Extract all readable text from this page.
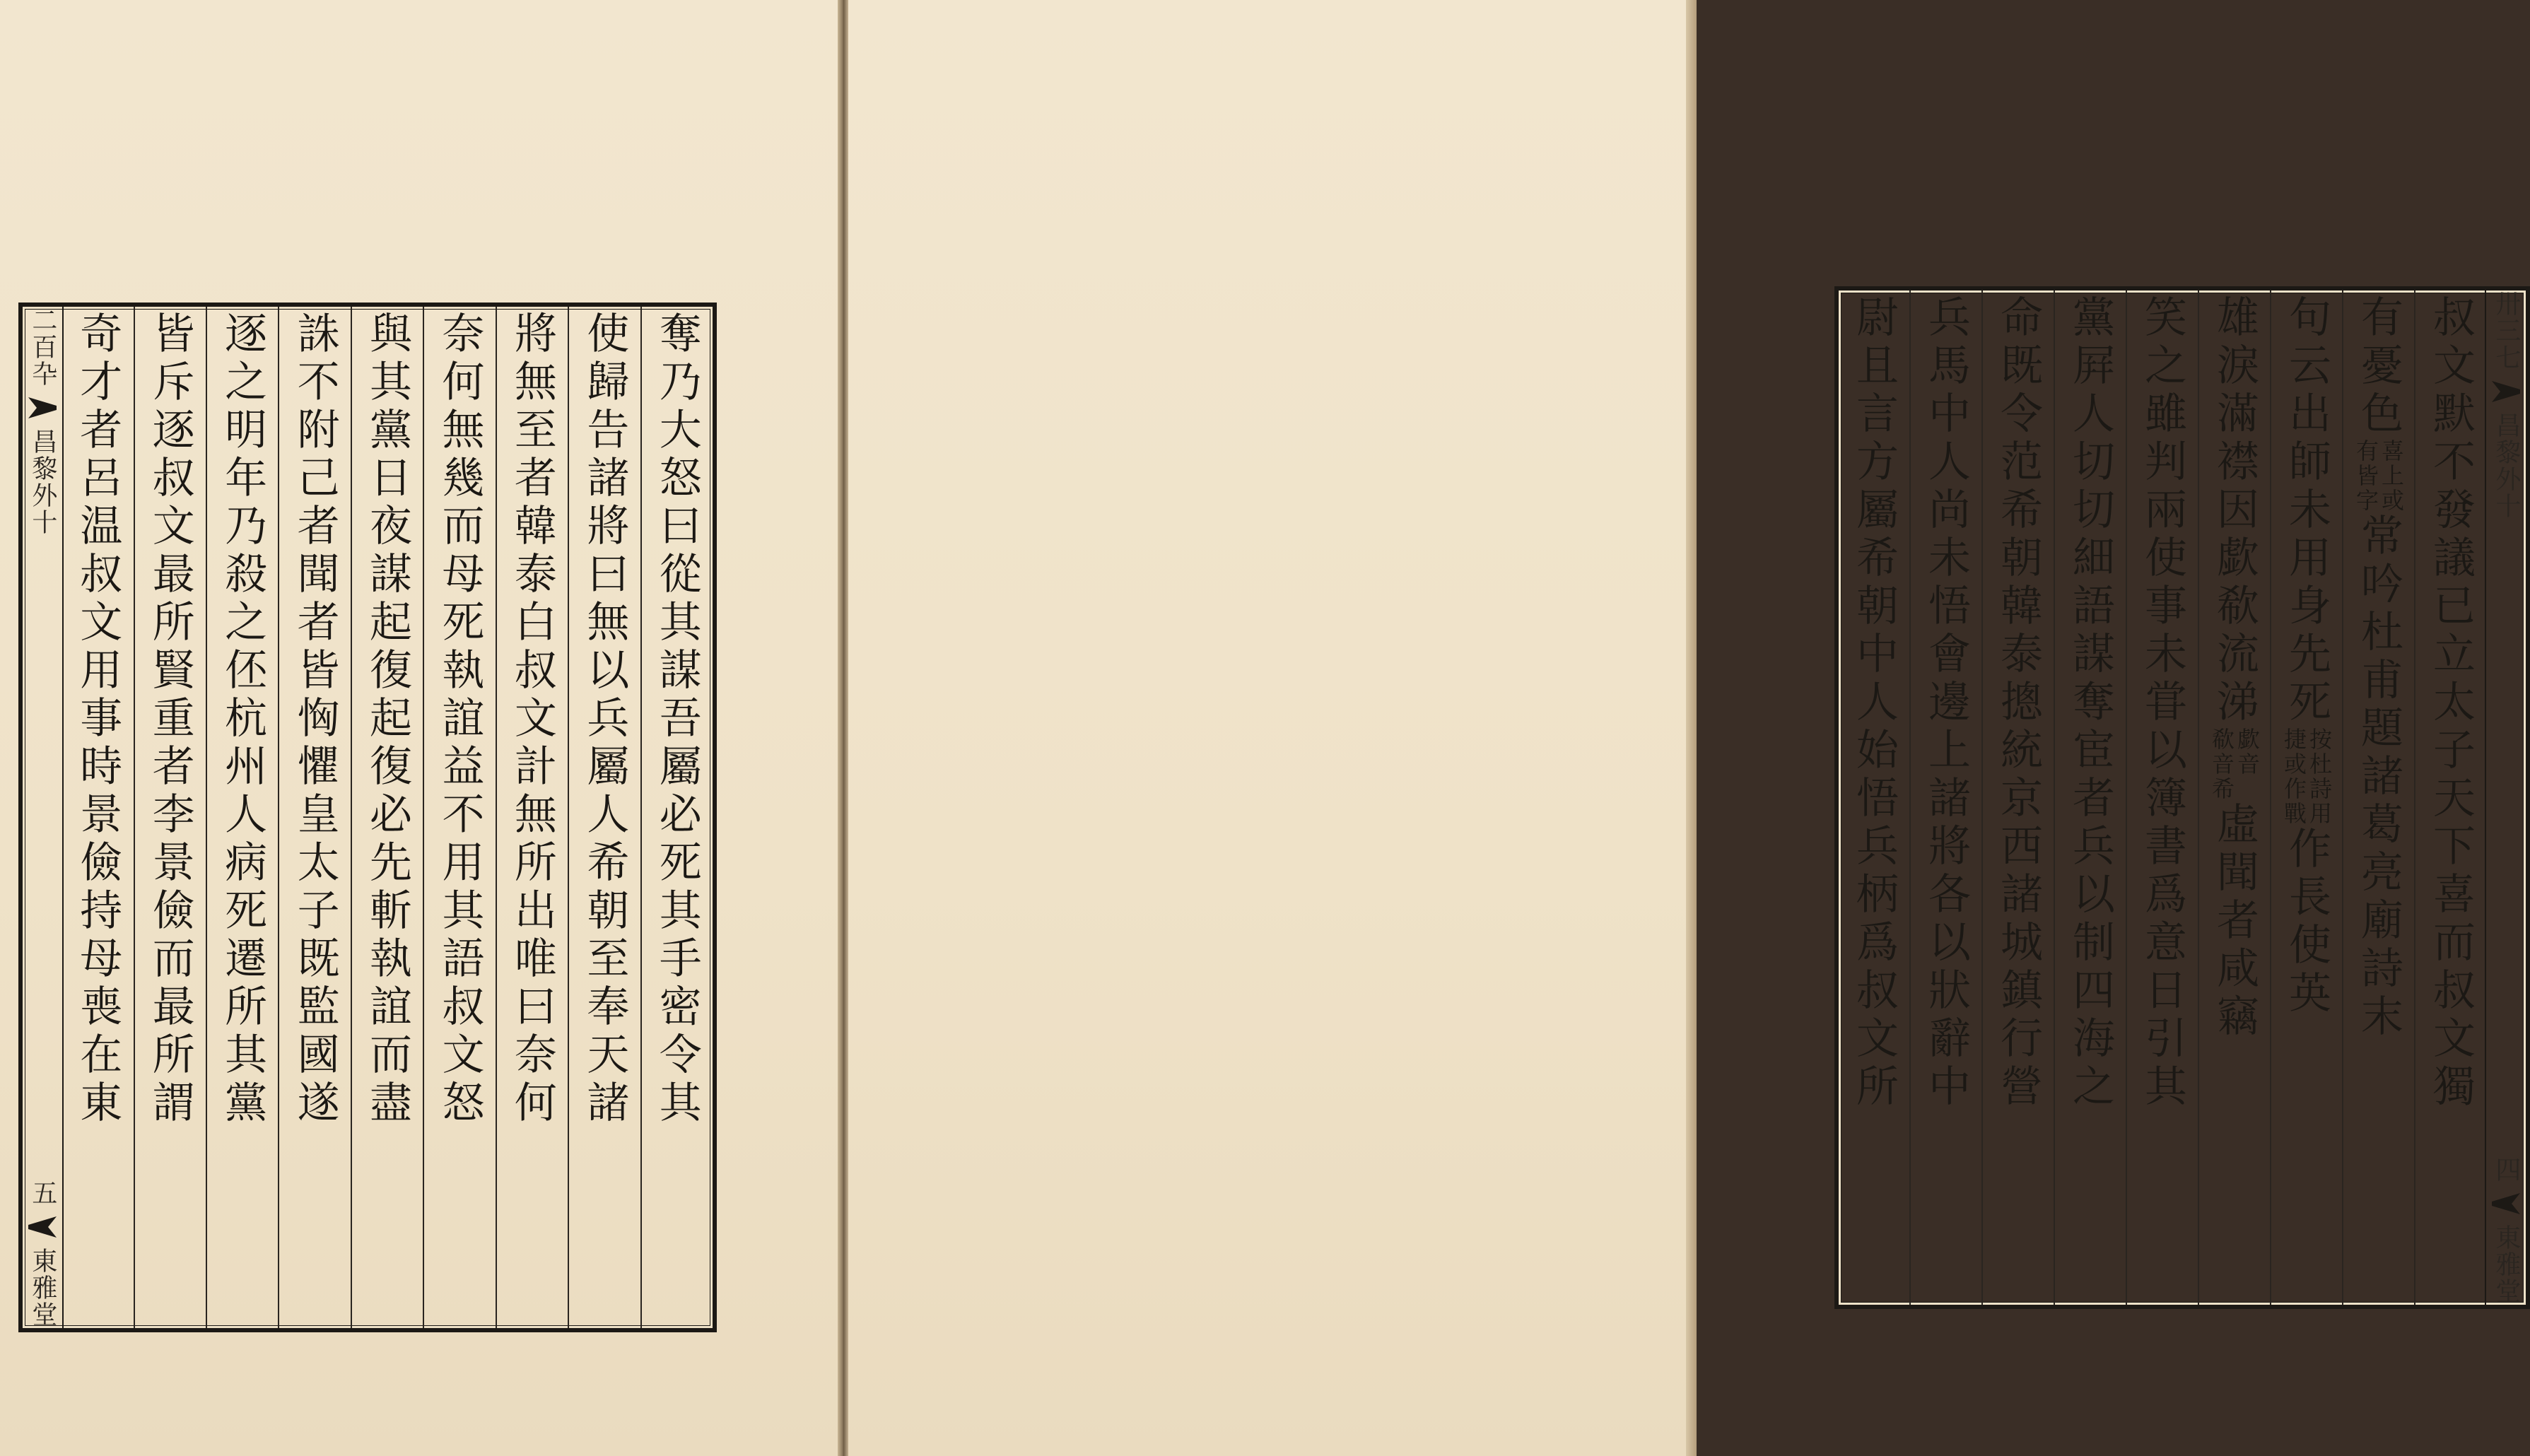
二百卆
昌黎外十
五
東雅堂
奪乃大怒曰從其謀吾屬必死其手密令其
使歸告諸將曰無以兵屬人希朝至奉天諸
將無至者韓泰白叔文計無所出唯曰奈何
奈何無幾而母死執誼益不用其語叔文怒
與其黨日夜謀起復起復必先斬執誼而盡
誅不附己者聞者皆恟懼皇太子既監國遂
逐之明年乃殺之伾杭州人病死遷所其黨
皆斥逐叔文最所賢重者李景儉而最所謂
奇才者呂温叔文用事時景儉持母喪在東	卅三七
昌黎外十
四
東雅堂
叔文默不發議已立太子天下喜而叔文獨
有憂色
喜上或
有皆字
常吟杜甫題諸葛亮廟詩末
句云出師未用身先死
按杜
捷或
詩用
作戰
作長使英
雄淚滿襟因歔欷流涕
歔音
欷音希
虛聞者咸竊
笑之雖判兩使事未甞以簿書爲意日引其
黨屛人切切細語謀奪宦者兵以制四海之
命既令范希朝韓泰摠統京西諸城鎮行營
兵馬中人尚未悟會邊上諸將各以狀辭中
尉且言方屬希朝中人始悟兵柄爲叔文所
